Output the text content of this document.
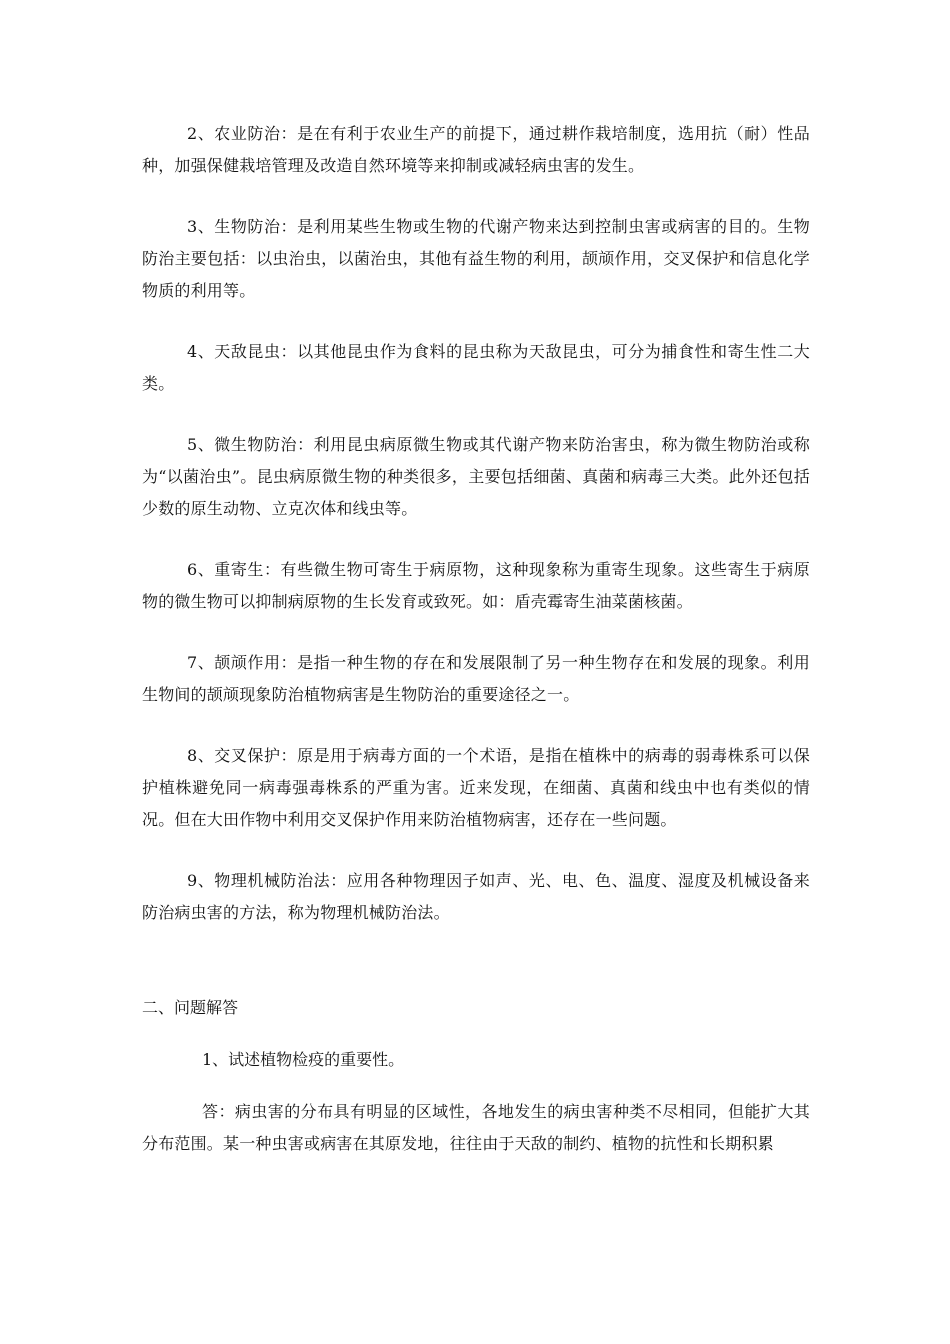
2、农业防治：是在有利于农业生产的前提下，通过耕作栽培制度，选用抗（耐）性品种，加强保健栽培管理及改造自然环境等来抑制或减轻病虫害的发生。

3、生物防治：是利用某些生物或生物的代谢产物来达到控制虫害或病害的目的。生物防治主要包括：以虫治虫，以菌治虫，其他有益生物的利用，颉颃作用，交叉保护和信息化学物质的利用等。

4、天敌昆虫：以其他昆虫作为食料的昆虫称为天敌昆虫，可分为捕食性和寄生性二大类。

5、微生物防治：利用昆虫病原微生物或其代谢产物来防治害虫，称为微生物防治或称为“以菌治虫”。昆虫病原微生物的种类很多，主要包括细菌、真菌和病毒三大类。此外还包括少数的原生动物、立克次体和线虫等。

6、重寄生：有些微生物可寄生于病原物，这种现象称为重寄生现象。这些寄生于病原物的微生物可以抑制病原物的生长发育或致死。如：盾壳霉寄生油菜菌核菌。

7、颉颃作用：是指一种生物的存在和发展限制了另一种生物存在和发展的现象。利用生物间的颉颃现象防治植物病害是生物防治的重要途径之一。

8、交叉保护：原是用于病毒方面的一个术语，是指在植株中的病毒的弱毒株系可以保护植株避免同一病毒强毒株系的严重为害。近来发现，在细菌、真菌和线虫中也有类似的情况。但在大田作物中利用交叉保护作用来防治植物病害，还存在一些问题。

9、物理机械防治法：应用各种物理因子如声、光、电、色、温度、湿度及机械设备来防治病虫害的方法，称为物理机械防治法。

二、问题解答
1、试述植物检疫的重要性。

答：病虫害的分布具有明显的区域性，各地发生的病虫害种类不尽相同，但能扩大其分布范围。某一种虫害或病害在其原发地，往往由于天敌的制约、植物的抗性和长期积累
